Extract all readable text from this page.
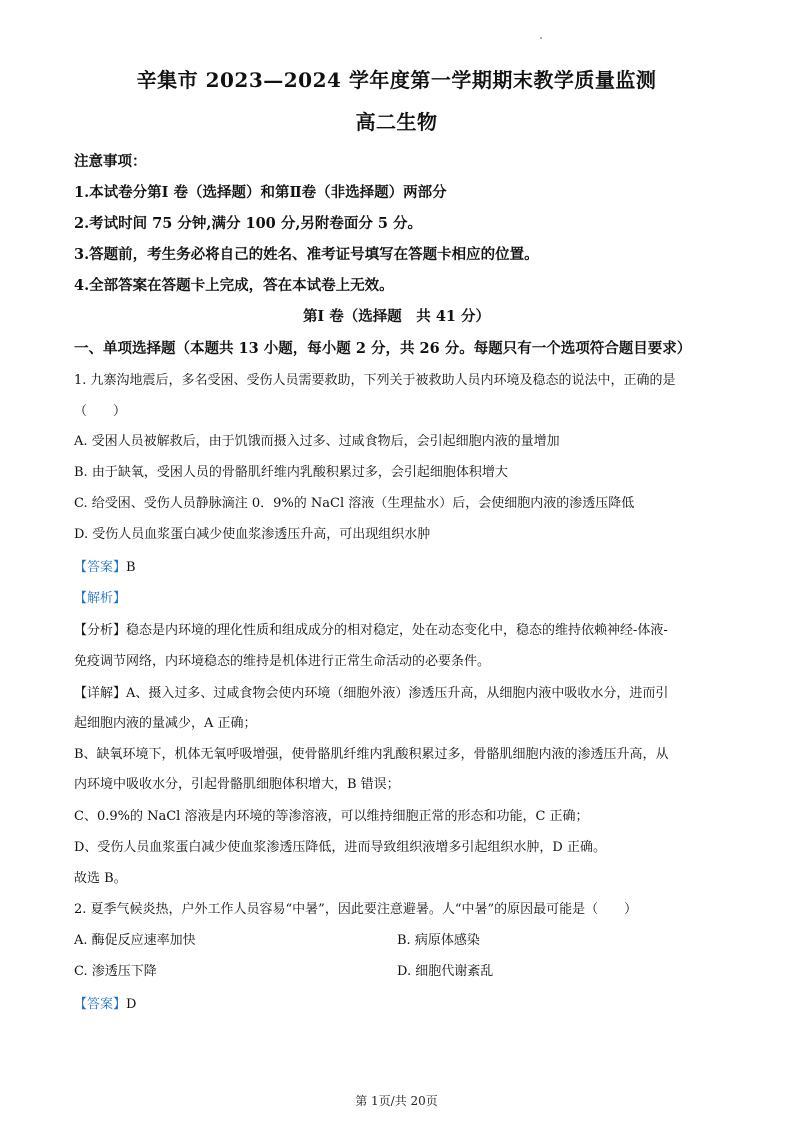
辛集市 2023—2024 学年度第一学期期末教学质量监测
高二生物
注意事项：
1.本试卷分第Ⅰ 卷（选择题）和第Ⅱ卷（非选择题）两部分
2.考试时间 75 分钟,满分 100 分,另附卷面分 5 分。
3.答题前，考生务必将自己的姓名、准考证号填写在答题卡相应的位置。
4.全部答案在答题卡上完成，答在本试卷上无效。
第Ⅰ 卷（选择题　共 41 分）
一、单项选择题（本题共 13 小题，每小题 2 分，共 26 分。每题只有一个选项符合题目要求）
1. 九寨沟地震后，多名受困、受伤人员需要救助，下列关于被救助人员内环境及稳态的说法中，正确的是
（　　）
A. 受困人员被解救后，由于饥饿而摄入过多、过咸食物后，会引起细胞内液的量增加
B. 由于缺氧，受困人员的骨骼肌纤维内乳酸积累过多，会引起细胞体积增大
C. 给受困、受伤人员静脉滴注 0．9%的 NaCl 溶液（生理盐水）后，会使细胞内液的渗透压降低
D. 受伤人员血浆蛋白减少使血浆渗透压升高，可出现组织水肿
【答案】B
【解析】
【分析】稳态是内环境的理化性质和组成成分的相对稳定，处在动态变化中，稳态的维持依赖神经-体液-
免疫调节网络，内环境稳态的维持是机体进行正常生命活动的必要条件。
【详解】A、摄入过多、过咸食物会使内环境（细胞外液）渗透压升高，从细胞内液中吸收水分，进而引
起细胞内液的量减少，A 正确；
B、缺氧环境下，机体无氧呼吸增强，使骨骼肌纤维内乳酸积累过多，骨骼肌细胞内液的渗透压升高，从
内环境中吸收水分，引起骨骼肌细胞体积增大，B 错误；
C、0.9%的 NaCl 溶液是内环境的等渗溶液，可以维持细胞正常的形态和功能，C 正确；
D、受伤人员血浆蛋白减少使血浆渗透压降低，进而导致组织液增多引起组织水肿，D 正确。
故选 B。
2. 夏季气候炎热，户外工作人员容易“中暑”，因此要注意避暑。人“中暑”的原因最可能是（　　）
A. 酶促反应速率加快	B. 病原体感染
C. 渗透压下降	D. 细胞代谢紊乱
【答案】D
第 1页/共 20页
